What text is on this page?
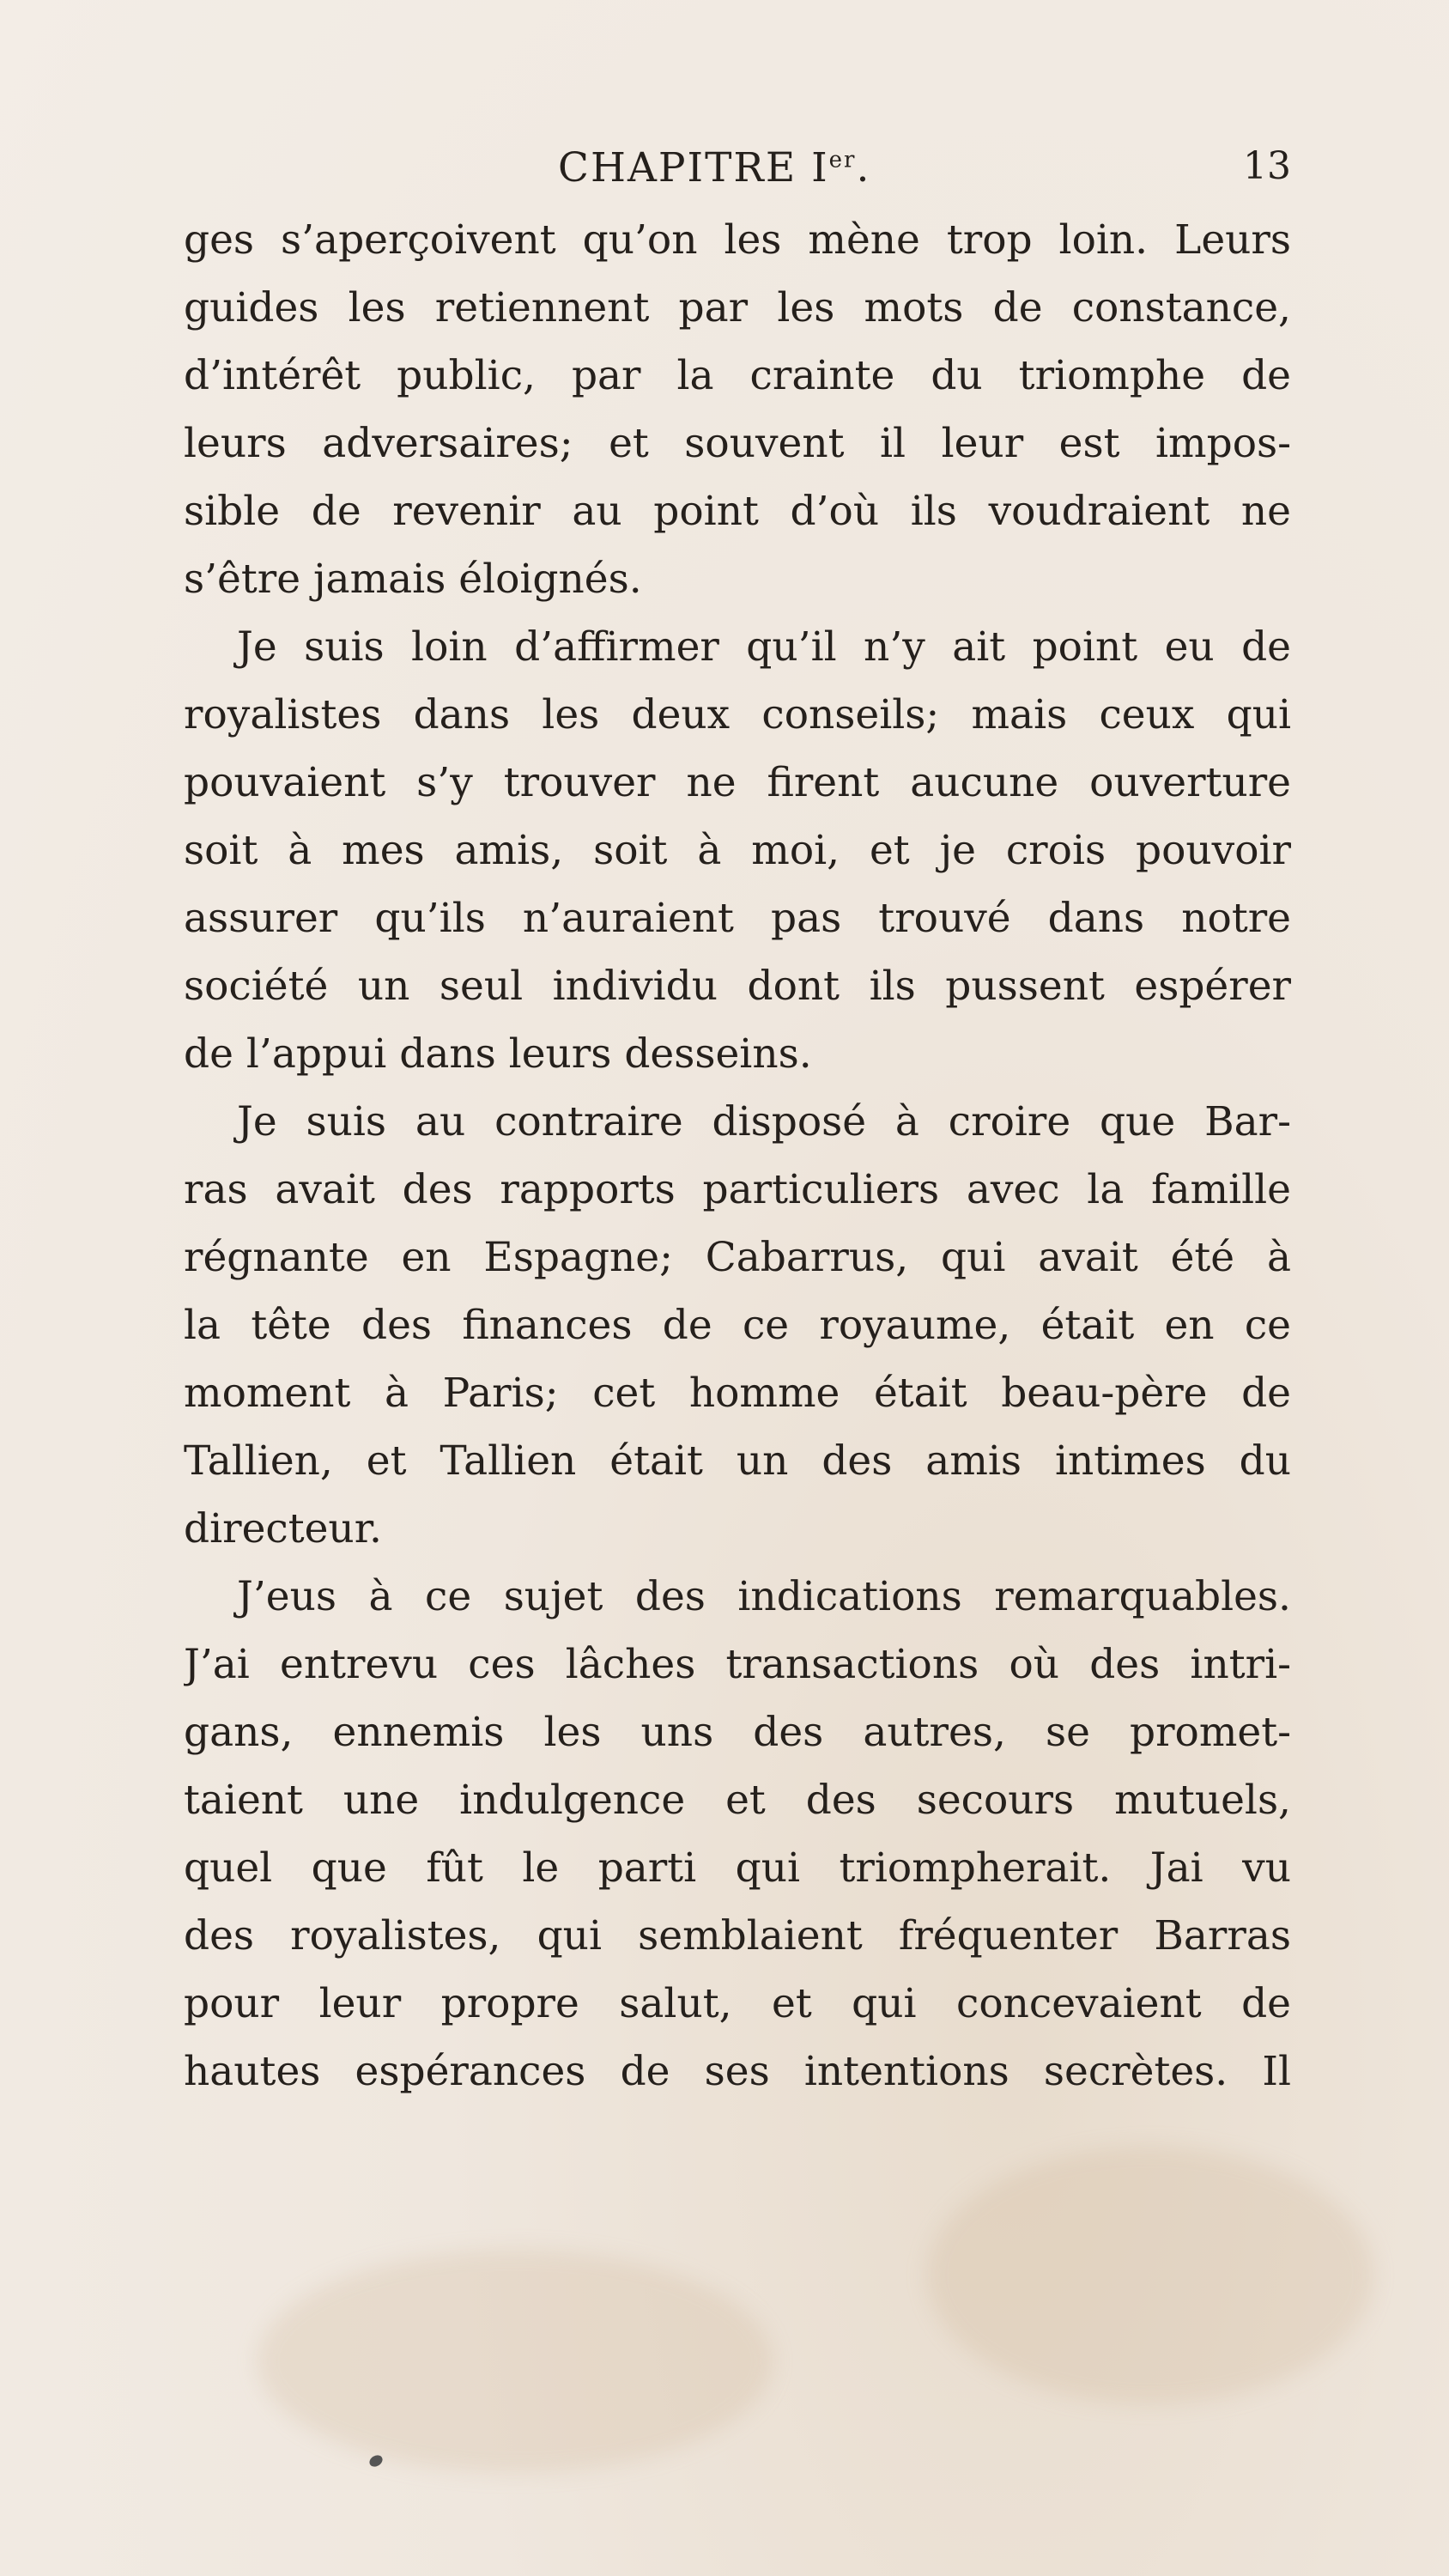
CHAPITRE Ier.	13
ges s’aperçoivent qu’on les mène trop loin. Leurs
guides les retiennent par les mots de constance,
d’intérêt public, par la crainte du triomphe de
leurs adversaires; et souvent il leur est impos-
sible de revenir au point d’où ils voudraient ne
s’être jamais éloignés.
Je suis loin d’affirmer qu’il n’y ait point eu de
royalistes dans les deux conseils; mais ceux qui
pouvaient s’y trouver ne firent aucune ouverture
soit à mes amis, soit à moi, et je crois pouvoir
assurer qu’ils n’auraient pas trouvé dans notre
société un seul individu dont ils pussent espérer
de l’appui dans leurs desseins.
Je suis au contraire disposé à croire que Bar-
ras avait des rapports particuliers avec la famille
régnante en Espagne; Cabarrus, qui avait été à
la tête des finances de ce royaume, était en ce
moment à Paris; cet homme était beau-père de
Tallien, et Tallien était un des amis intimes du
directeur.
J’eus à ce sujet des indications remarquables.
J’ai entrevu ces lâches transactions où des intri-
gans, ennemis les uns des autres, se promet-
taient une indulgence et des secours mutuels,
quel que fût le parti qui triompherait. Jai vu
des royalistes, qui semblaient fréquenter Barras
pour leur propre salut, et qui concevaient de
hautes espérances de ses intentions secrètes. Il
